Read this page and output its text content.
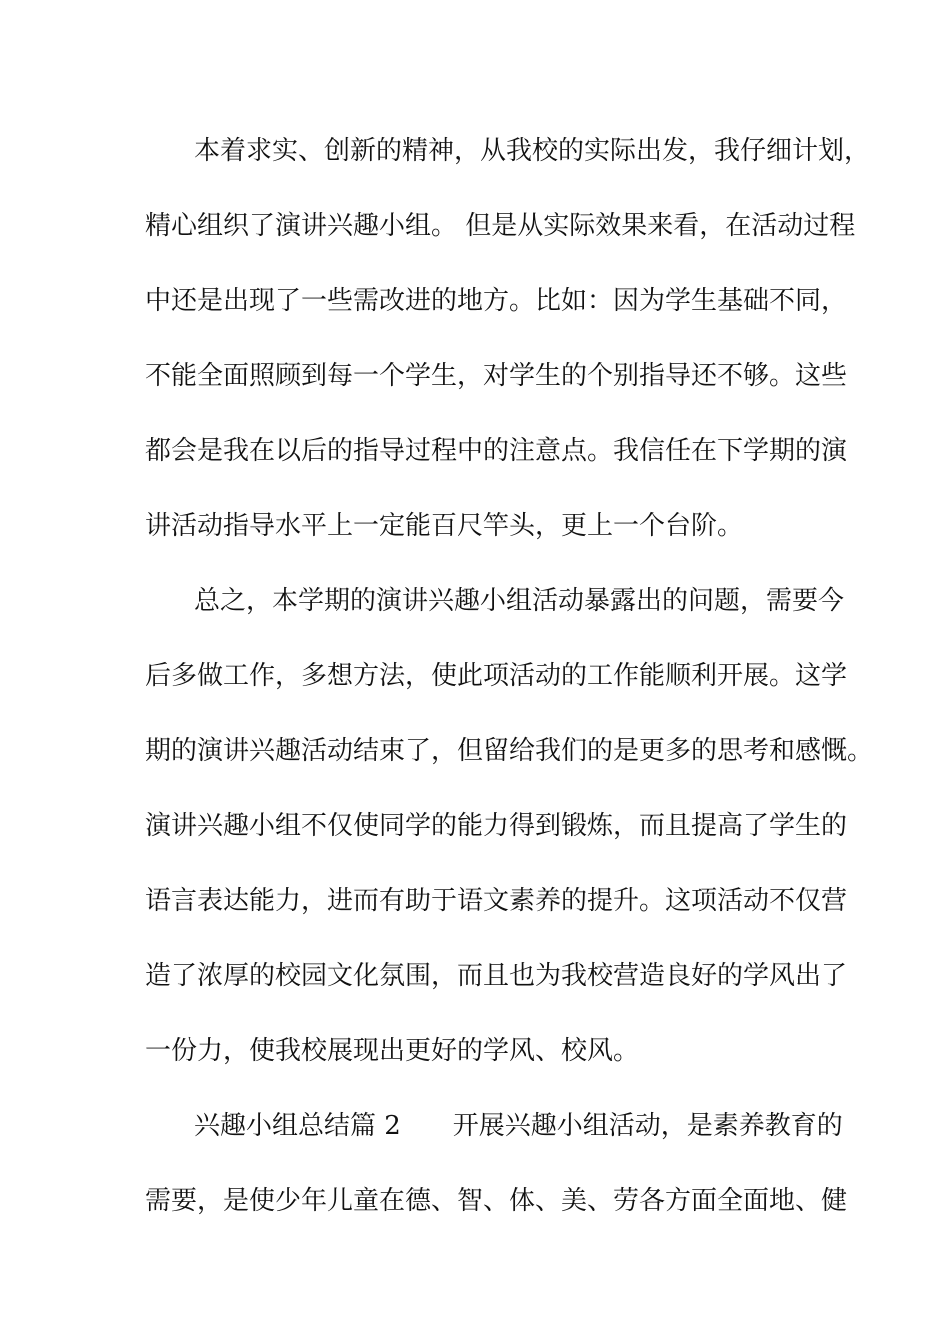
本着求实、创新的精神，从我校的实际出发，我仔细计划，
精心组织了演讲兴趣小组。 但是从实际效果来看，在活动过程
中还是出现了一些需改进的地方。比如：因为学生基础不同，
不能全面照顾到每一个学生，对学生的个别指导还不够。这些
都会是我在以后的指导过程中的注意点。我信任在下学期的演
讲活动指导水平上一定能百尺竿头，更上一个台阶。
总之，本学期的演讲兴趣小组活动暴露出的问题，需要今
后多做工作，多想方法，使此项活动的工作能顺利开展。这学
期的演讲兴趣活动结束了，但留给我们的是更多的思考和感慨。
演讲兴趣小组不仅使同学的能力得到锻炼，而且提高了学生的
语言表达能力，进而有助于语文素养的提升。这项活动不仅营
造了浓厚的校园文化氛围，而且也为我校营造良好的学风出了
一份力，使我校展现出更好的学风、校风。
兴趣小组总结篇 2　　开展兴趣小组活动，是素养教育的
需要，是使少年儿童在德、智、体、美、劳各方面全面地、健
